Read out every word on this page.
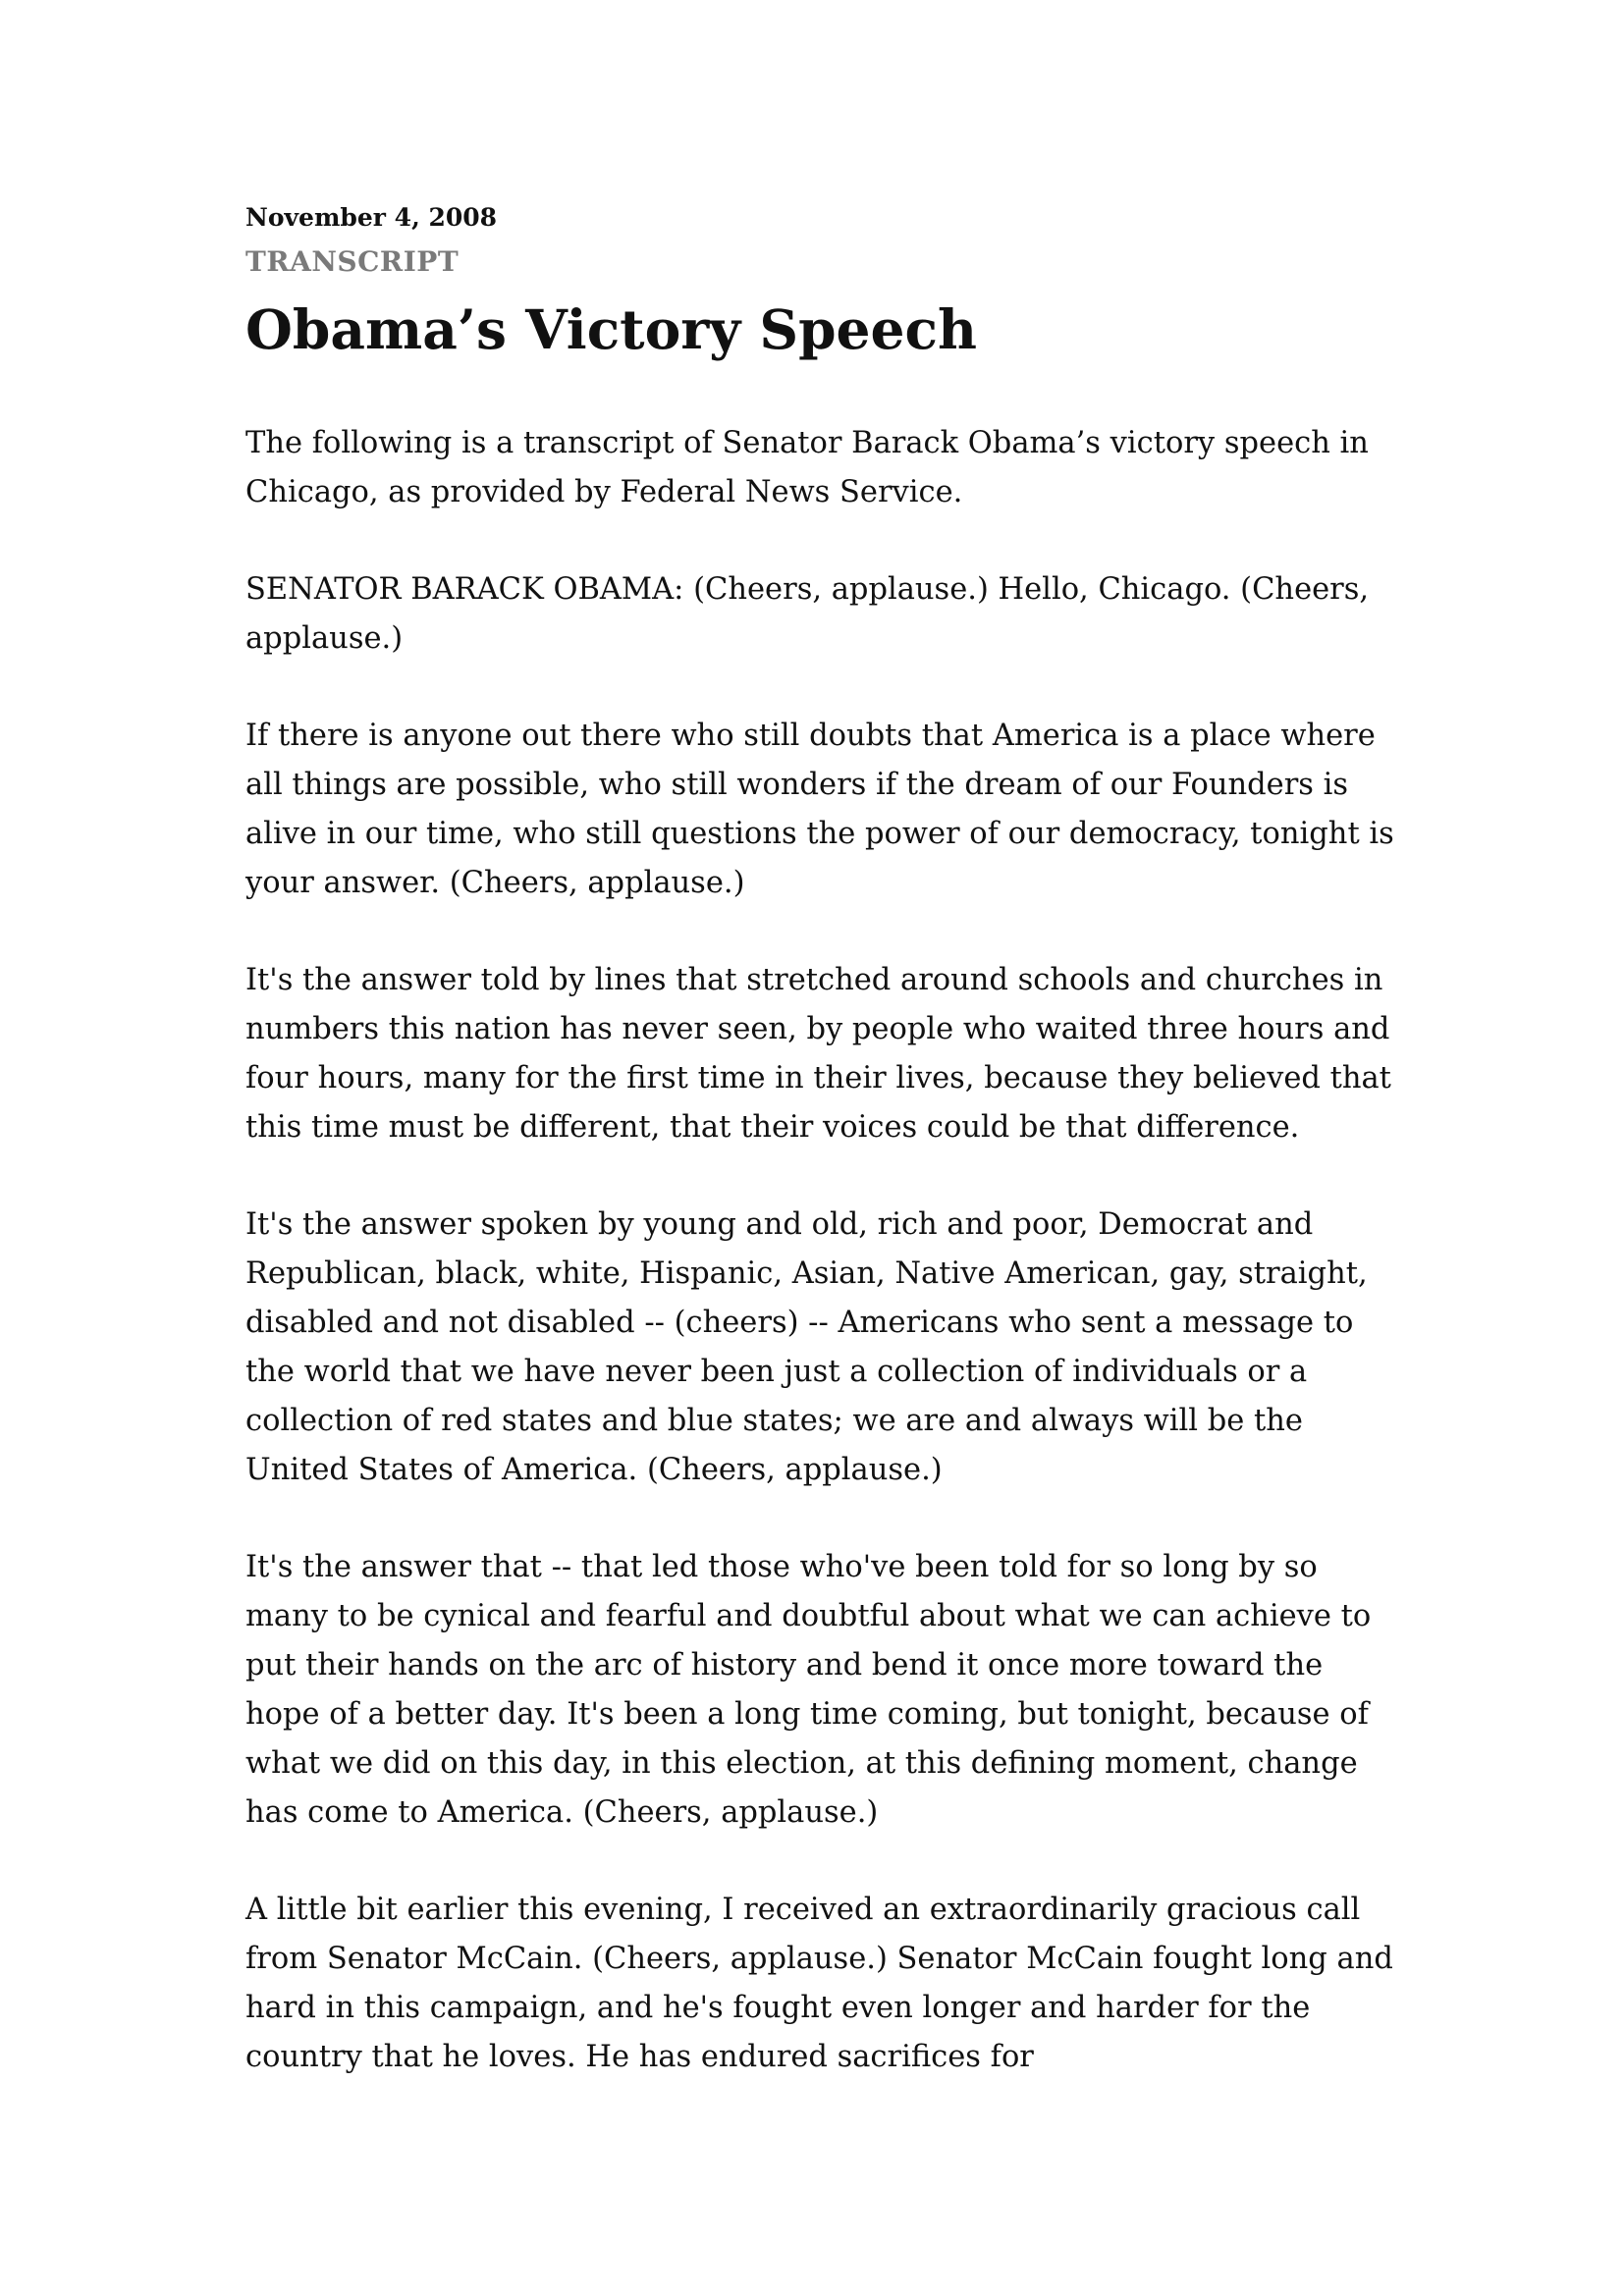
November 4, 2008

TRANSCRIPT

Obama’s Victory Speech

The following is a transcript of Senator Barack Obama’s victory speech in Chicago, as provided by Federal News Service.

SENATOR BARACK OBAMA: (Cheers, applause.) Hello, Chicago. (Cheers, applause.)

If there is anyone out there who still doubts that America is a place where all things are possible, who still wonders if the dream of our Founders is alive in our time, who still questions the power of our democracy, tonight is your answer. (Cheers, applause.)

It's the answer told by lines that stretched around schools and churches in numbers this nation has never seen, by people who waited three hours and four hours, many for the first time in their lives, because they believed that this time must be different, that their voices could be that difference.

It's the answer spoken by young and old, rich and poor, Democrat and Republican, black, white, Hispanic, Asian, Native American, gay, straight, disabled and not disabled -- (cheers) -- Americans who sent a message to the world that we have never been just a collection of individuals or a collection of red states and blue states; we are and always will be the United States of America. (Cheers, applause.)

It's the answer that -- that led those who've been told for so long by so many to be cynical and fearful and doubtful about what we can achieve to put their hands on the arc of history and bend it once more toward the hope of a better day. It's been a long time coming, but tonight, because of what we did on this day, in this election, at this defining moment, change has come to America. (Cheers, applause.)

A little bit earlier this evening, I received an extraordinarily gracious call from Senator McCain. (Cheers, applause.) Senator McCain fought long and hard in this campaign, and he's fought even longer and harder for the country that he loves. He has endured sacrifices for
